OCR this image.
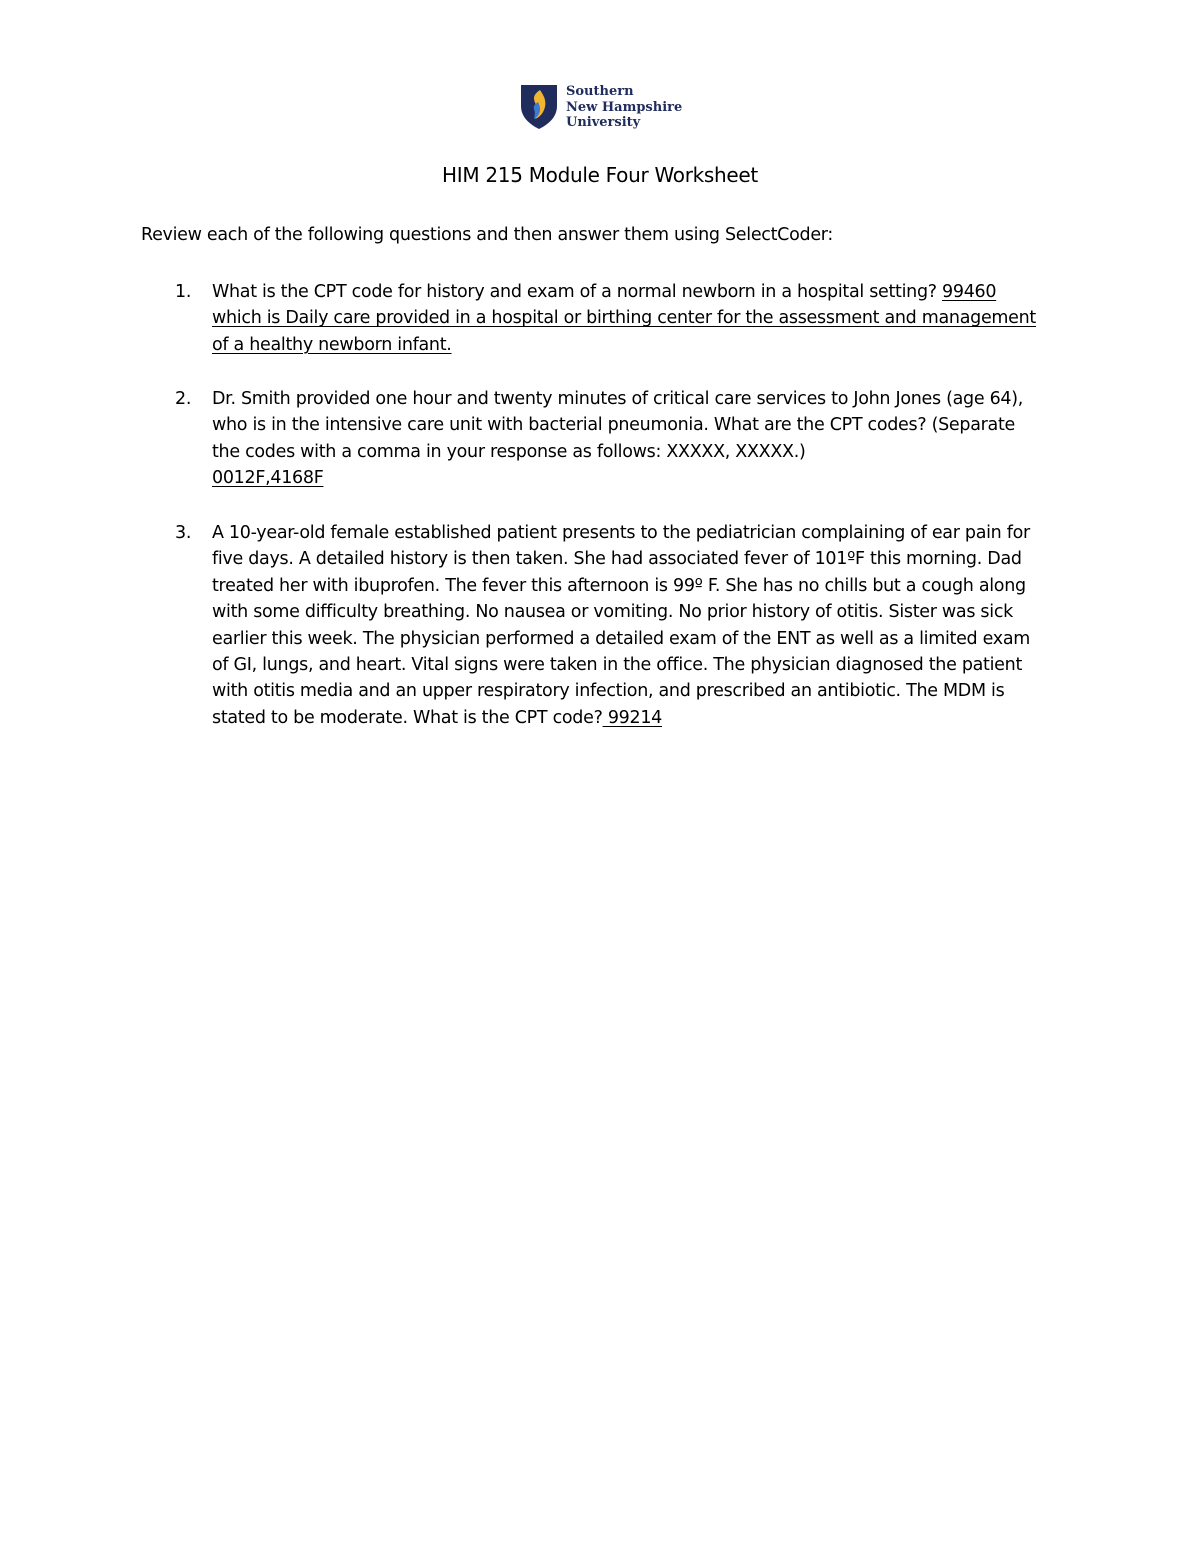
Southern
New Hampshire
University
HIM 215 Module Four Worksheet
Review each of the following questions and then answer them using SelectCoder:
1. What is the CPT code for history and exam of a normal newborn in a hospital setting? 99460
which is Daily care provided in a hospital or birthing center for the assessment and management
of a healthy newborn infant.
2. Dr. Smith provided one hour and twenty minutes of critical care services to John Jones (age 64),
who is in the intensive care unit with bacterial pneumonia. What are the CPT codes? (Separate
the codes with a comma in your response as follows: XXXXX, XXXXX.)
0012F,4168F
3. A 10-year-old female established patient presents to the pediatrician complaining of ear pain for
five days. A detailed history is then taken. She had associated fever of 101ºF this morning. Dad
treated her with ibuprofen. The fever this afternoon is 99º F. She has no chills but a cough along
with some difficulty breathing. No nausea or vomiting. No prior history of otitis. Sister was sick
earlier this week. The physician performed a detailed exam of the ENT as well as a limited exam
of GI, lungs, and heart. Vital signs were taken in the office. The physician diagnosed the patient
with otitis media and an upper respiratory infection, and prescribed an antibiotic. The MDM is
stated to be moderate. What is the CPT code? 99214
